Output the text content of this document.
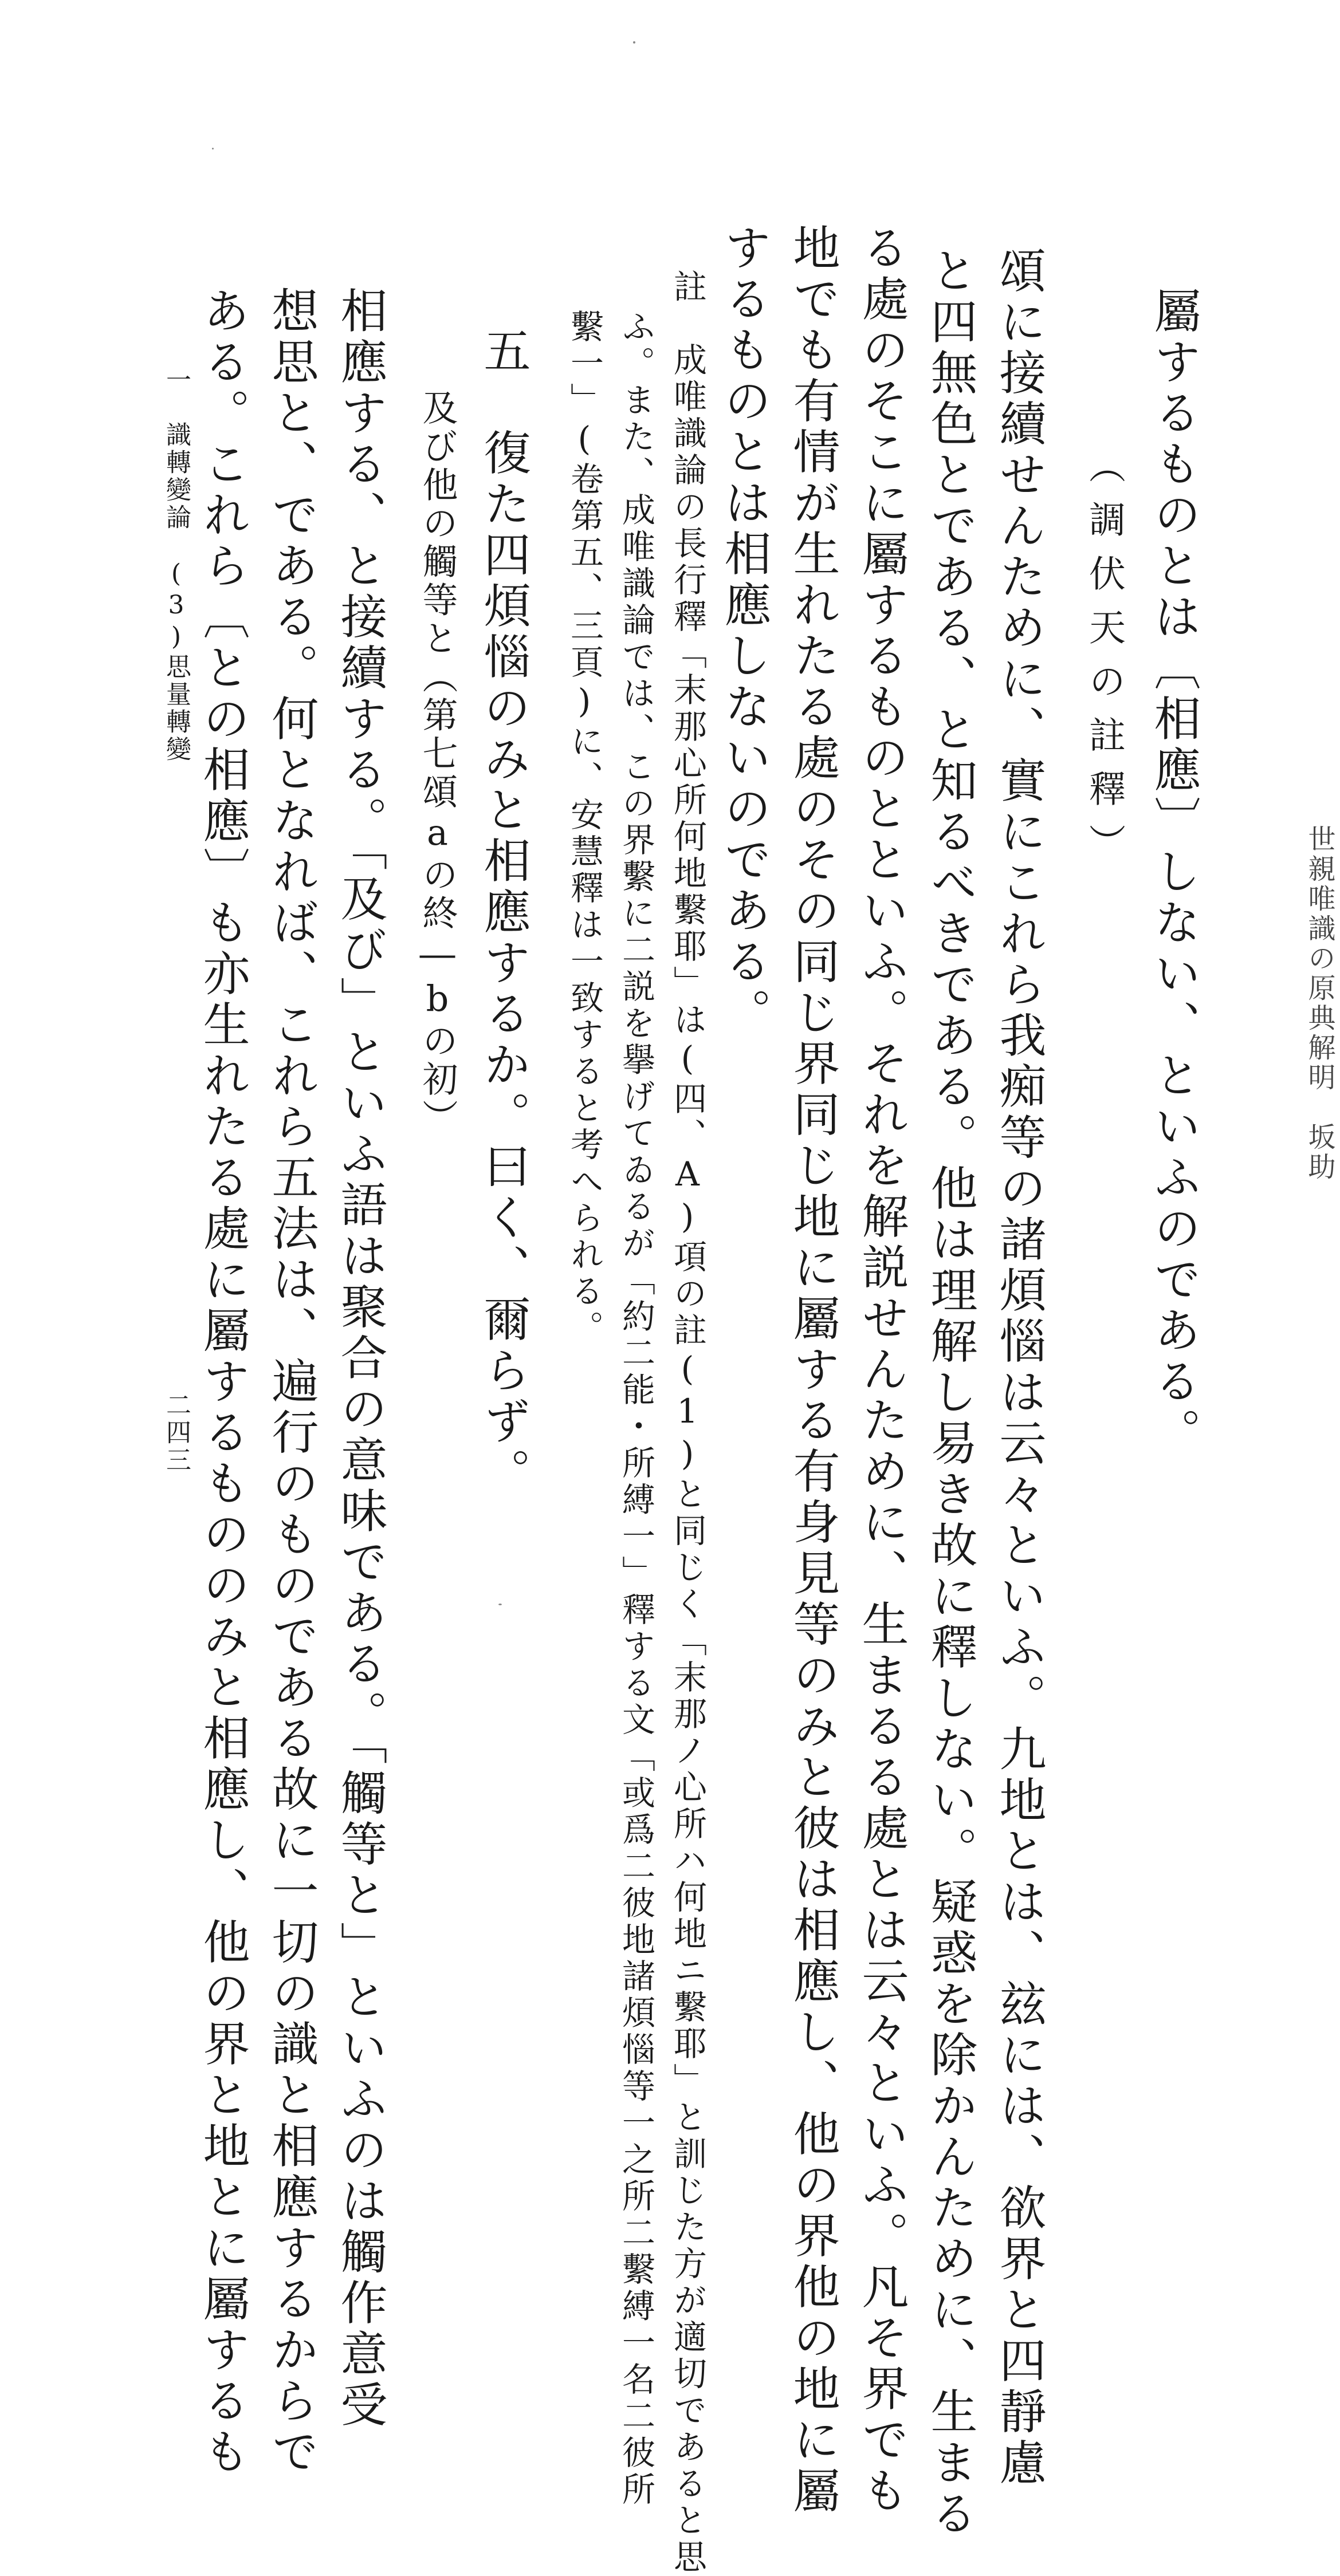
屬するものとは〔相應〕しない、といふのである。
（調伏天の註釋）
頌に接續せんために、實にこれら我痴等の諸煩惱は云々といふ。九地とは、玆には、欲界と四靜慮
と四無色とである、と知るべきである。他は理解し易き故に釋しない。疑惑を除かんために、生まる
る處のそこに屬するものとといふ。それを解説せんために、生まるる處とは云々といふ。凡そ界でも
地でも有情が生れたる處のその同じ界同じ地に屬する有身見等のみと彼は相應し、他の界他の地に屬
するものとは相應しないのである。
註　成唯識論の長行釋「末那心所何地繫耶」は(四、A)項の註(1)と同じく「末那ノ心所ハ何地ニ繫耶」と訓じた方が適切であると思
ふ。また、成唯識論では、この界繫に二説を擧げてゐるが「約二能・所縛一」釋する文「或爲二彼地諸煩惱等一之所二繫縛一名二彼所
繫一」(卷第五、三頁)に、安慧釋は一致すると考へられる。
五　復た四煩惱のみと相應するか。曰く、爾らず。
及び他の觸等と（第七頌aの終―bの初）
相應する、と接續する。「及び」といふ語は聚合の意味である。「觸等と」といふのは觸作意受
想思と、である。何となれば、これら五法は、遍行のものである故に一切の識と相應するからで
ある。これら〔との相應〕も亦生れたる處に屬するもののみと相應し、他の界と地とに屬するも
一　識轉變論　(3)思量轉變
二四三
世親唯識の原典解明
坂助
